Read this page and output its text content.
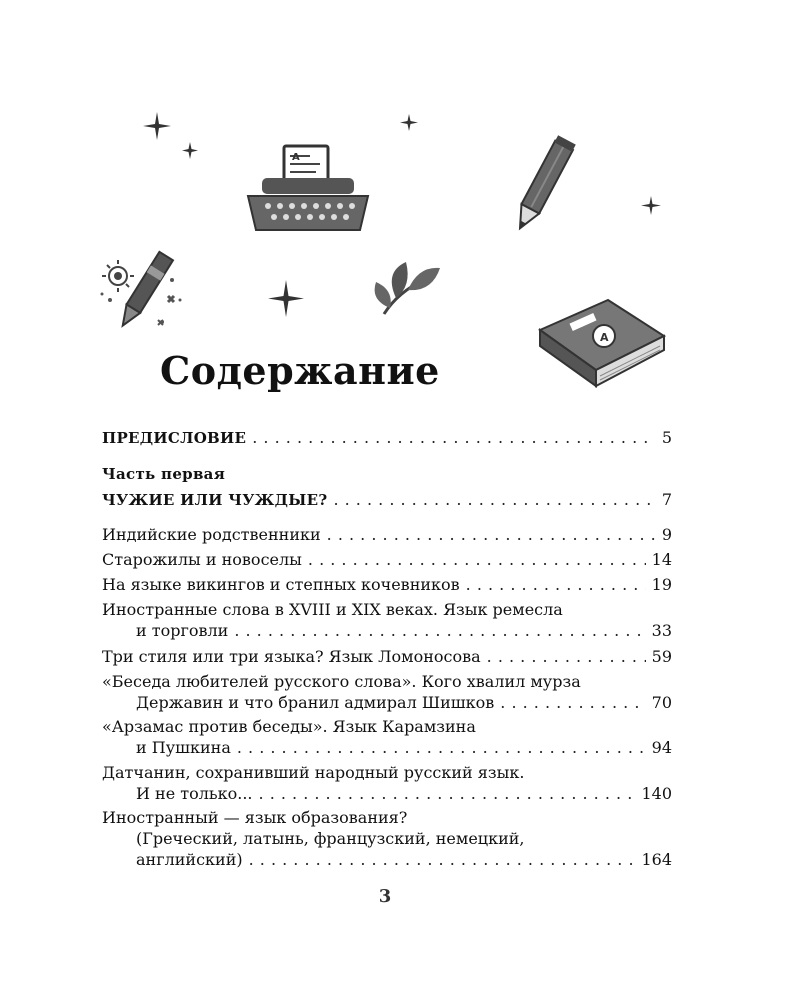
A
A
Содержание
ПРЕДИСЛОВИЕ . . .	5
Часть первая
ЧУЖИЕ ИЛИ ЧУЖДЫЕ? . . .	7
Индийские родственники . . .	9
Старожилы и новоселы . . .	14
На языке викингов и степных кочевников . . .	19
Иностранные слова в XVIII и XIX веках. Язык ремесла
и торговли . . .	33
Три стиля или три языка? Язык Ломоносова . . .	59
«Беседа любителей русского слова». Кого хвалил мурза
Державин и что бранил адмирал Шишков . . .	70
«Арзамас против беседы». Язык Карамзина
и Пушкина . . .	94
Датчанин, сохранивший народный русский язык.
И не только... . . .	140
Иностранный — язык образования?
(Греческий, латынь, французский, немецкий,
английский) . . .	164
3
